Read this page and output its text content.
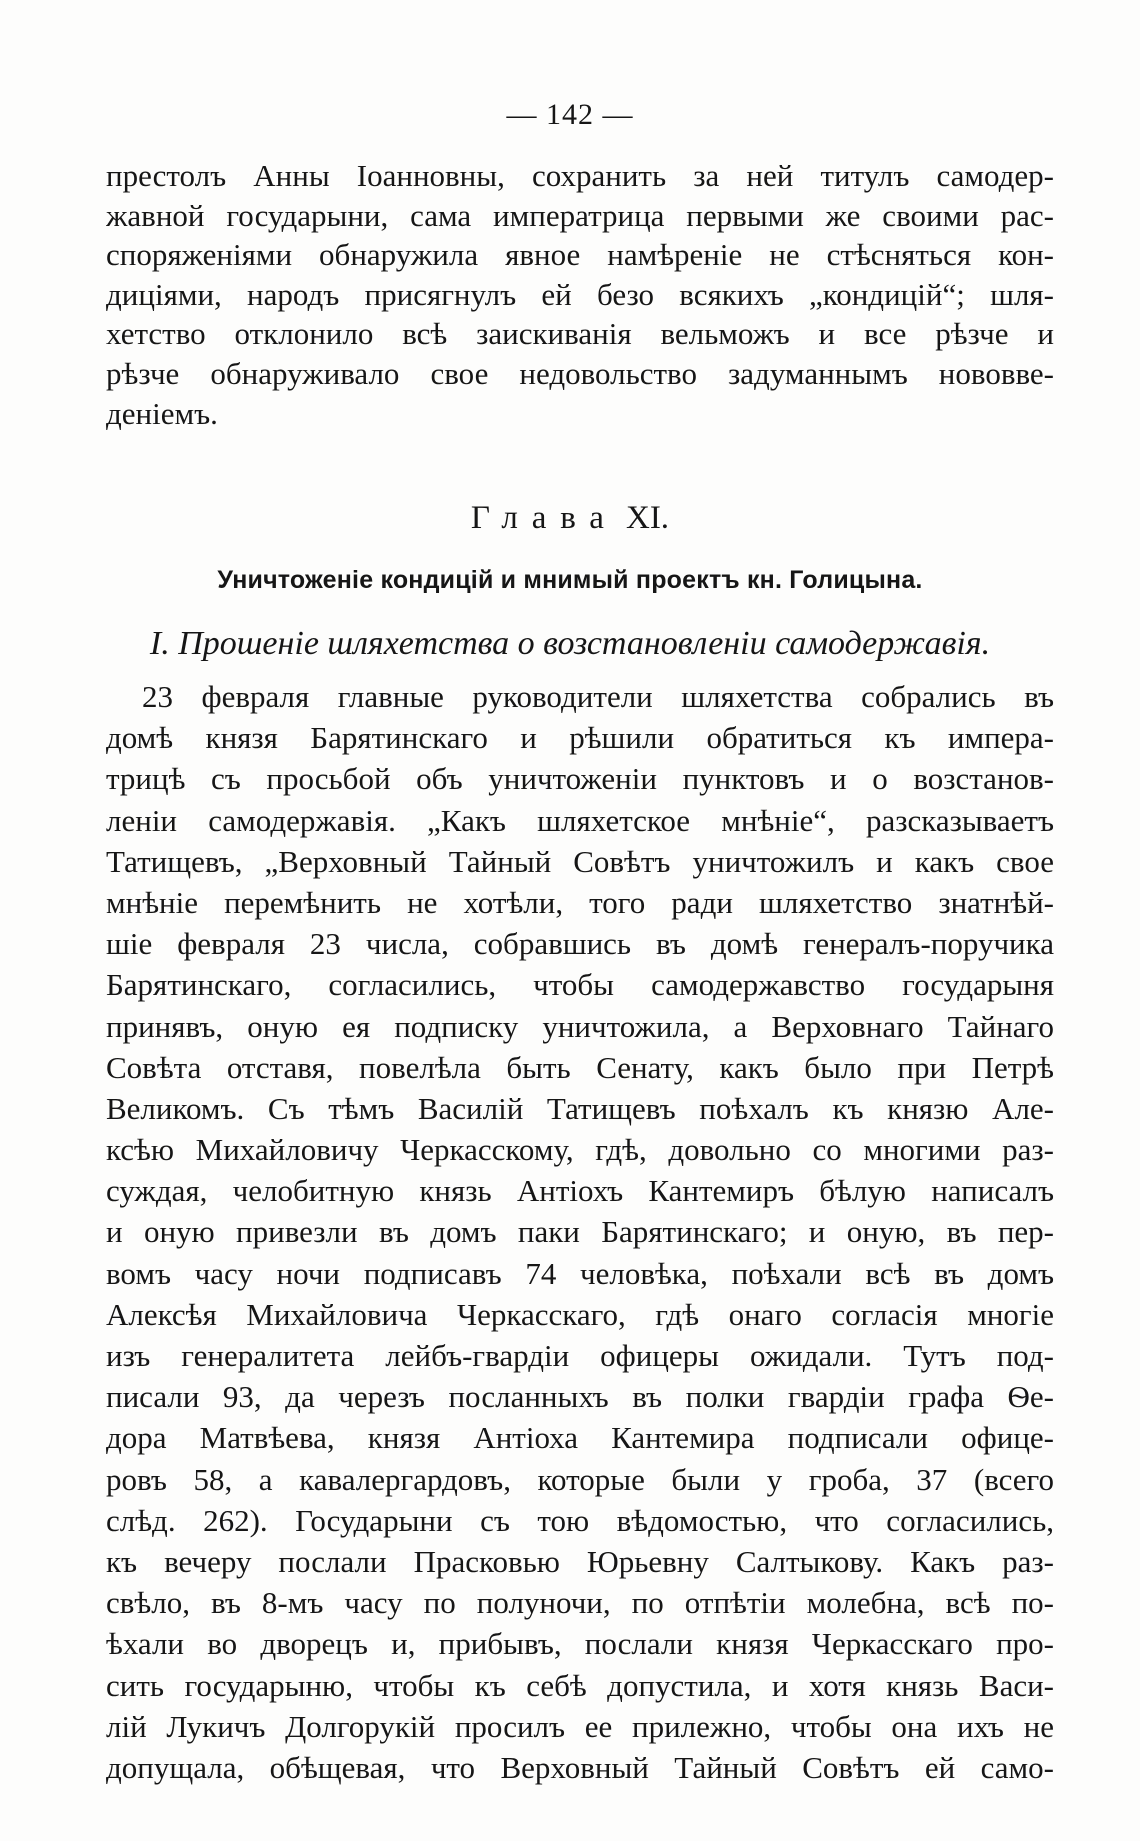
— 142 —
престолъ Анны Іоанновны, сохранить за ней титулъ самодер-
жавной государыни, сама императрица первыми же своими рас-
споряженіями обнаружила явное намѣреніе не стѣсняться кон-
диціями, народъ присягнулъ ей безо всякихъ „кондицій“; шля-
хетство отклонило всѣ заискиванія вельможъ и все рѣзче и
рѣзче обнаруживало свое недовольство задуманнымъ нововве-
деніемъ.
Глава XI.
Уничтоженіе кондицій и мнимый проектъ кн. Голицына.
I. Прошеніе шляхетства о возстановленіи самодержавія.
23 февраля главные руководители шляхетства собрались въ
домѣ князя Барятинскаго и рѣшили обратиться къ импера-
трицѣ съ просьбой объ уничтоженіи пунктовъ и о возстанов-
леніи самодержавія. „Какъ шляхетское мнѣніе“, разсказываетъ
Татищевъ, „Верховный Тайный Совѣтъ уничтожилъ и какъ свое
мнѣніе перемѣнить не хотѣли, того ради шляхетство знатнѣй-
шіе февраля 23 числа, собравшись въ домѣ генералъ-поручика
Барятинскаго, согласились, чтобы самодержавство государыня
принявъ, оную ея подписку уничтожила, а Верховнаго Тайнаго
Совѣта отставя, повелѣла быть Сенату, какъ было при Петрѣ
Великомъ. Съ тѣмъ Василій Татищевъ поѣхалъ къ князю Але-
ксѣю Михайловичу Черкасскому, гдѣ, довольно со многими раз-
суждая, челобитную князь Антіохъ Кантемиръ бѣлую написалъ
и оную привезли въ домъ паки Барятинскаго; и оную, въ пер-
вомъ часу ночи подписавъ 74 человѣка, поѣхали всѣ въ домъ
Алексѣя Михайловича Черкасскаго, гдѣ онаго согласія многіе
изъ генералитета лейбъ-гвардіи офицеры ожидали. Тутъ под-
писали 93, да черезъ посланныхъ въ полки гвардіи графа Ѳе-
дора Матвѣева, князя Антіоха Кантемира подписали офице-
ровъ 58, а кавалергардовъ, которые были у гроба, 37 (всего
слѣд. 262). Государыни съ тою вѣдомостью, что согласились,
къ вечеру послали Прасковью Юрьевну Салтыкову. Какъ раз-
свѣло, въ 8-мъ часу по полуночи, по отпѣтіи молебна, всѣ по-
ѣхали во дворецъ и, прибывъ, послали князя Черкасскаго про-
сить государыню, чтобы къ себѣ допустила, и хотя князь Васи-
лій Лукичъ Долгорукій просилъ ее прилежно, чтобы она ихъ не
допущала, обѣщевая, что Верховный Тайный Совѣтъ ей само-
